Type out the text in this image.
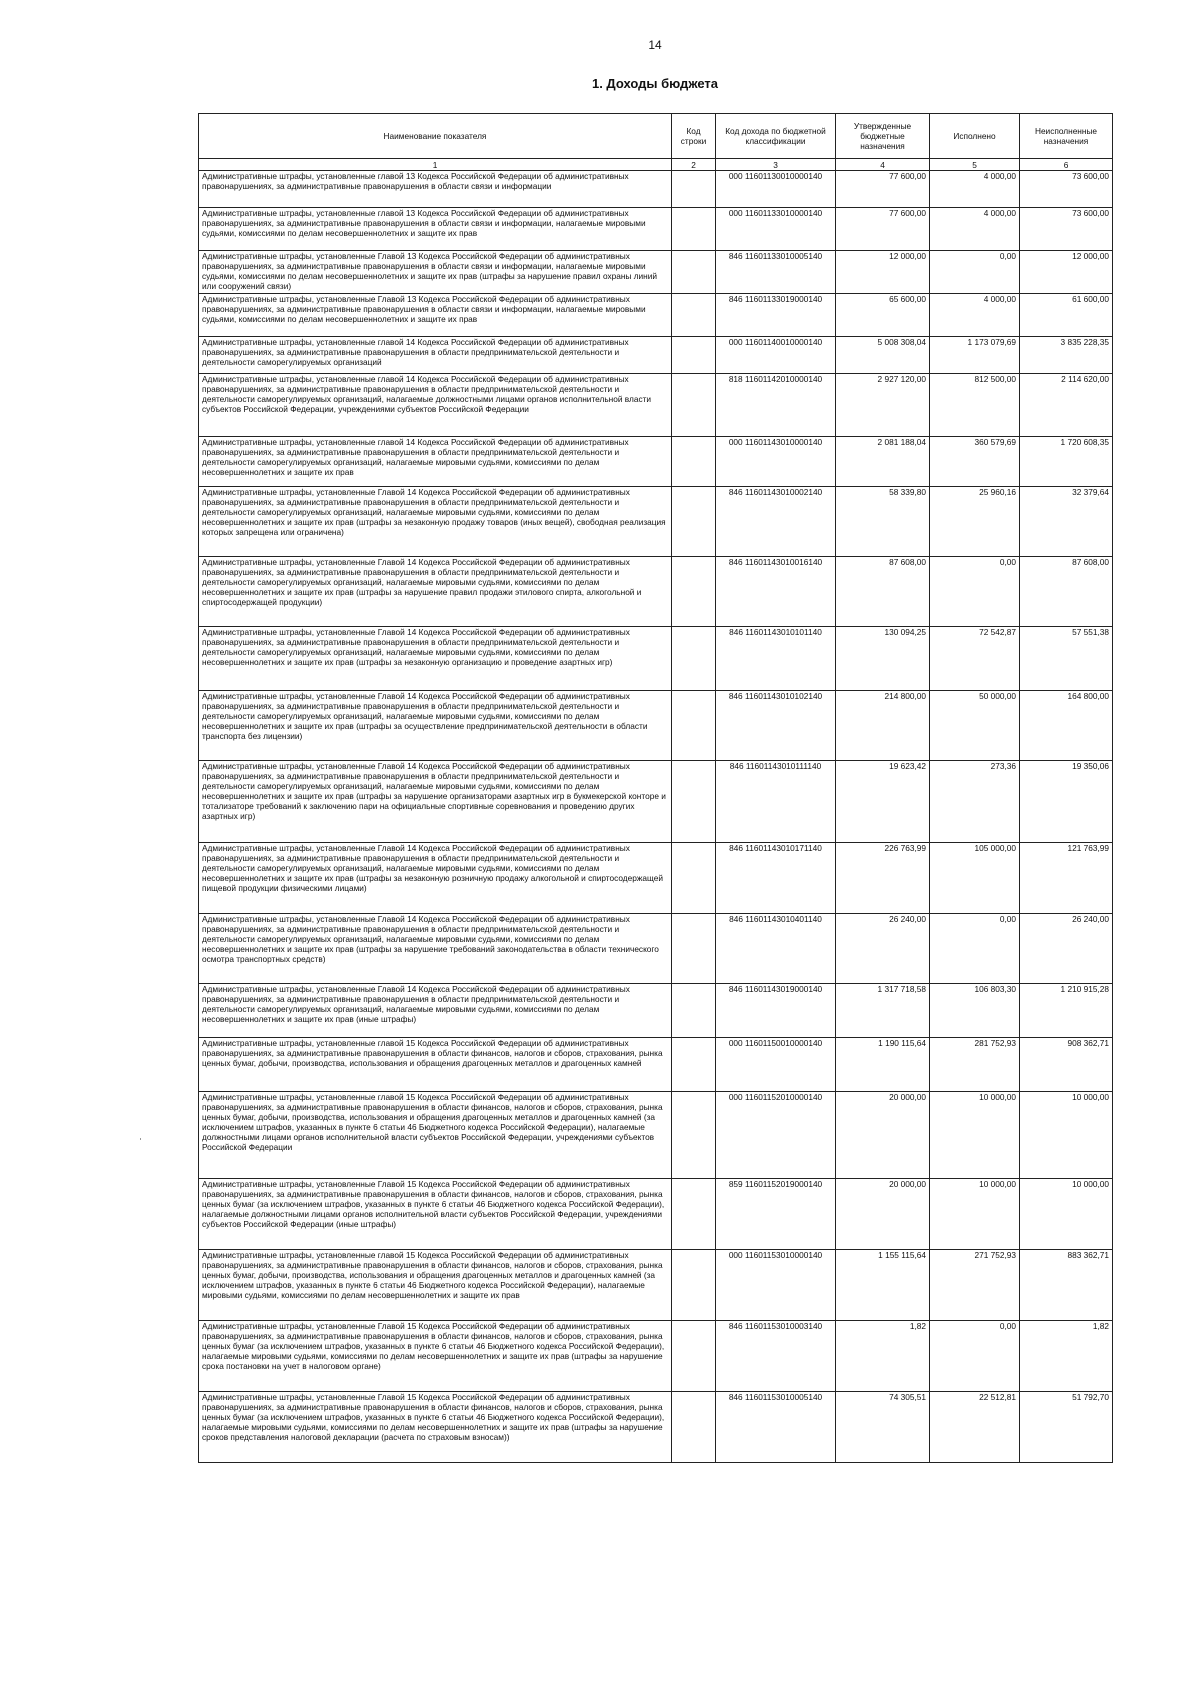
14
1. Доходы бюджета
Наименование показателя	Код строки	Код дохода по бюджетной классификации	Утвержденные бюджетные назначения	Исполнено	Неисполненные назначения
1	2	3	4	5	6
Административные штрафы, установленные главой 13 Кодекса Российской Федерации об административных правонарушениях, за административные правонарушения в области связи и информации		000 11601130010000140	77 600,00	4 000,00	73 600,00
Административные штрафы, установленные главой 13 Кодекса Российской Федерации об административных правонарушениях, за административные правонарушения в области связи и информации, налагаемые мировыми судьями, комиссиями по делам несовершеннолетних и защите их прав		000 11601133010000140	77 600,00	4 000,00	73 600,00
Административные штрафы, установленные Главой 13 Кодекса Российской Федерации об административных правонарушениях, за административные правонарушения в области связи и информации, налагаемые мировыми судьями, комиссиями по делам несовершеннолетних и защите их прав (штрафы за нарушение правил охраны линий или сооружений связи)		846 11601133010005140	12 000,00	0,00	12 000,00
Административные штрафы, установленные Главой 13 Кодекса Российской Федерации об административных правонарушениях, за административные правонарушения в области связи и информации, налагаемые мировыми судьями, комиссиями по делам несовершеннолетних и защите их прав		846 11601133019000140	65 600,00	4 000,00	61 600,00
Административные штрафы, установленные главой 14 Кодекса Российской Федерации об административных правонарушениях, за административные правонарушения в области предпринимательской деятельности и деятельности саморегулируемых организаций		000 11601140010000140	5 008 308,04	1 173 079,69	3 835 228,35
Административные штрафы, установленные главой 14 Кодекса Российской Федерации об административных правонарушениях, за административные правонарушения в области предпринимательской деятельности и деятельности саморегулируемых организаций, налагаемые должностными лицами органов исполнительной власти субъектов Российской Федерации, учреждениями субъектов Российской Федерации		818 11601142010000140	2 927 120,00	812 500,00	2 114 620,00
Административные штрафы, установленные главой 14 Кодекса Российской Федерации об административных правонарушениях, за административные правонарушения в области предпринимательской деятельности и деятельности саморегулируемых организаций, налагаемые мировыми судьями, комиссиями по делам несовершеннолетних и защите их прав		000 11601143010000140	2 081 188,04	360 579,69	1 720 608,35
Административные штрафы, установленные Главой 14 Кодекса Российской Федерации об административных правонарушениях, за административные правонарушения в области предпринимательской деятельности и деятельности саморегулируемых организаций, налагаемые мировыми судьями, комиссиями по делам несовершеннолетних и защите их прав (штрафы за незаконную продажу товаров (иных вещей), свободная реализация которых запрещена или ограничена)		846 11601143010002140	58 339,80	25 960,16	32 379,64
Административные штрафы, установленные Главой 14 Кодекса Российской Федерации об административных правонарушениях, за административные правонарушения в области предпринимательской деятельности и деятельности саморегулируемых организаций, налагаемые мировыми судьями, комиссиями по делам несовершеннолетних и защите их прав (штрафы за нарушение правил продажи этилового спирта, алкогольной и спиртосодержащей продукции)		846 11601143010016140	87 608,00	0,00	87 608,00
Административные штрафы, установленные Главой 14 Кодекса Российской Федерации об административных правонарушениях, за административные правонарушения в области предпринимательской деятельности и деятельности саморегулируемых организаций, налагаемые мировыми судьями, комиссиями по делам несовершеннолетних и защите их прав (штрафы за незаконную организацию и проведение азартных игр)		846 11601143010101140	130 094,25	72 542,87	57 551,38
Административные штрафы, установленные Главой 14 Кодекса Российской Федерации об административных правонарушениях, за административные правонарушения в области предпринимательской деятельности и деятельности саморегулируемых организаций, налагаемые мировыми судьями, комиссиями по делам несовершеннолетних и защите их прав (штрафы за осуществление предпринимательской деятельности в области транспорта без лицензии)		846 11601143010102140	214 800,00	50 000,00	164 800,00
Административные штрафы, установленные Главой 14 Кодекса Российской Федерации об административных правонарушениях, за административные правонарушения в области предпринимательской деятельности и деятельности саморегулируемых организаций, налагаемые мировыми судьями, комиссиями по делам несовершеннолетних и защите их прав (штрафы за нарушение организаторами азартных игр в букмекерской конторе и тотализаторе требований к заключению пари на официальные спортивные соревнования и проведению других азартных игр)		846 11601143010111140	19 623,42	273,36	19 350,06
Административные штрафы, установленные Главой 14 Кодекса Российской Федерации об административных правонарушениях, за административные правонарушения в области предпринимательской деятельности и деятельности саморегулируемых организаций, налагаемые мировыми судьями, комиссиями по делам несовершеннолетних и защите их прав (штрафы за незаконную розничную продажу алкогольной и спиртосодержащей пищевой продукции физическими лицами)		846 11601143010171140	226 763,99	105 000,00	121 763,99
Административные штрафы, установленные Главой 14 Кодекса Российской Федерации об административных правонарушениях, за административные правонарушения в области предпринимательской деятельности и деятельности саморегулируемых организаций, налагаемые мировыми судьями, комиссиями по делам несовершеннолетних и защите их прав (штрафы за нарушение требований законодательства в области технического осмотра транспортных средств)		846 11601143010401140	26 240,00	0,00	26 240,00
Административные штрафы, установленные Главой 14 Кодекса Российской Федерации об административных правонарушениях, за административные правонарушения в области предпринимательской деятельности и деятельности саморегулируемых организаций, налагаемые мировыми судьями, комиссиями по делам несовершеннолетних и защите их прав (иные штрафы)		846 11601143019000140	1 317 718,58	106 803,30	1 210 915,28
Административные штрафы, установленные главой 15 Кодекса Российской Федерации об административных правонарушениях, за административные правонарушения в области финансов, налогов и сборов, страхования, рынка ценных бумаг, добычи, производства, использования и обращения драгоценных металлов и драгоценных камней		000 11601150010000140	1 190 115,64	281 752,93	908 362,71
Административные штрафы, установленные главой 15 Кодекса Российской Федерации об административных правонарушениях, за административные правонарушения в области финансов, налогов и сборов, страхования, рынка ценных бумаг, добычи, производства, использования и обращения драгоценных металлов и драгоценных камней (за исключением штрафов, указанных в пункте 6 статьи 46 Бюджетного кодекса Российской Федерации), налагаемые должностными лицами органов исполнительной власти субъектов Российской Федерации, учреждениями субъектов Российской Федерации		000 11601152010000140	20 000,00	10 000,00	10 000,00
Административные штрафы, установленные Главой 15 Кодекса Российской Федерации об административных правонарушениях, за административные правонарушения в области финансов, налогов и сборов, страхования, рынка ценных бумаг (за исключением штрафов, указанных в пункте 6 статьи 46 Бюджетного кодекса Российской Федерации), налагаемые должностными лицами органов исполнительной власти субъектов Российской Федерации, учреждениями субъектов Российской Федерации (иные штрафы)		859 11601152019000140	20 000,00	10 000,00	10 000,00
Административные штрафы, установленные главой 15 Кодекса Российской Федерации об административных правонарушениях, за административные правонарушения в области финансов, налогов и сборов, страхования, рынка ценных бумаг, добычи, производства, использования и обращения драгоценных металлов и драгоценных камней (за исключением штрафов, указанных в пункте 6 статьи 46 Бюджетного кодекса Российской Федерации), налагаемые мировыми судьями, комиссиями по делам несовершеннолетних и защите их прав		000 11601153010000140	1 155 115,64	271 752,93	883 362,71
Административные штрафы, установленные Главой 15 Кодекса Российской Федерации об административных правонарушениях, за административные правонарушения в области финансов, налогов и сборов, страхования, рынка ценных бумаг (за исключением штрафов, указанных в пункте 6 статьи 46 Бюджетного кодекса Российской Федерации), налагаемые мировыми судьями, комиссиями по делам несовершеннолетних и защите их прав (штрафы за нарушение срока постановки на учет в налоговом органе)		846 11601153010003140	1,82	0,00	1,82
Административные штрафы, установленные Главой 15 Кодекса Российской Федерации об административных правонарушениях, за административные правонарушения в области финансов, налогов и сборов, страхования, рынка ценных бумаг (за исключением штрафов, указанных в пункте 6 статьи 46 Бюджетного кодекса Российской Федерации), налагаемые мировыми судьями, комиссиями по делам несовершеннолетних и защите их прав (штрафы за нарушение сроков представления налоговой декларации (расчета по страховым взносам))		846 11601153010005140	74 305,51	22 512,81	51 792,70
